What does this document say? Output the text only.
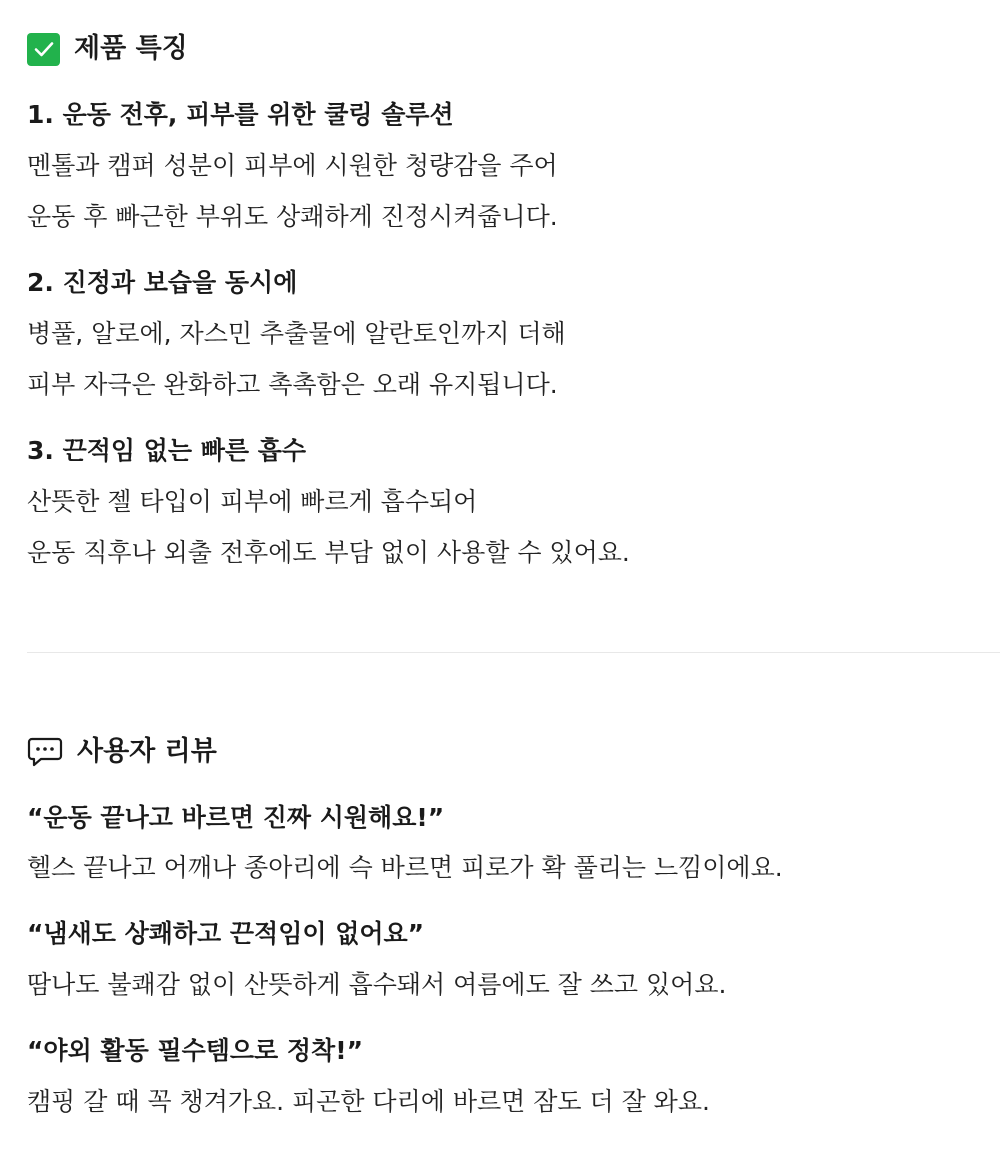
제품 특징
1. 운동 전후, 피부를 위한 쿨링 솔루션
멘톨과 캠퍼 성분이 피부에 시원한 청량감을 주어
운동 후 빠근한 부위도 상쾌하게 진정시켜줍니다.
2. 진정과 보습을 동시에
병풀, 알로에, 자스민 추출물에 알란토인까지 더해
피부 자극은 완화하고 촉촉함은 오래 유지됩니다.
3. 끈적임 없는 빠른 흡수
산뜻한 젤 타입이 피부에 빠르게 흡수되어
운동 직후나 외출 전후에도 부담 없이 사용할 수 있어요.
사용자 리뷰
“운동 끝나고 바르면 진짜 시원해요!”
헬스 끝나고 어깨나 종아리에 슥 바르면 피로가 확 풀리는 느낌이에요.
“냄새도 상쾌하고 끈적임이 없어요”
땀나도 불쾌감 없이 산뜻하게 흡수돼서 여름에도 잘 쓰고 있어요.
“야외 활동 필수템으로 정착!”
캠핑 갈 때 꼭 챙겨가요. 피곤한 다리에 바르면 잠도 더 잘 와요.
